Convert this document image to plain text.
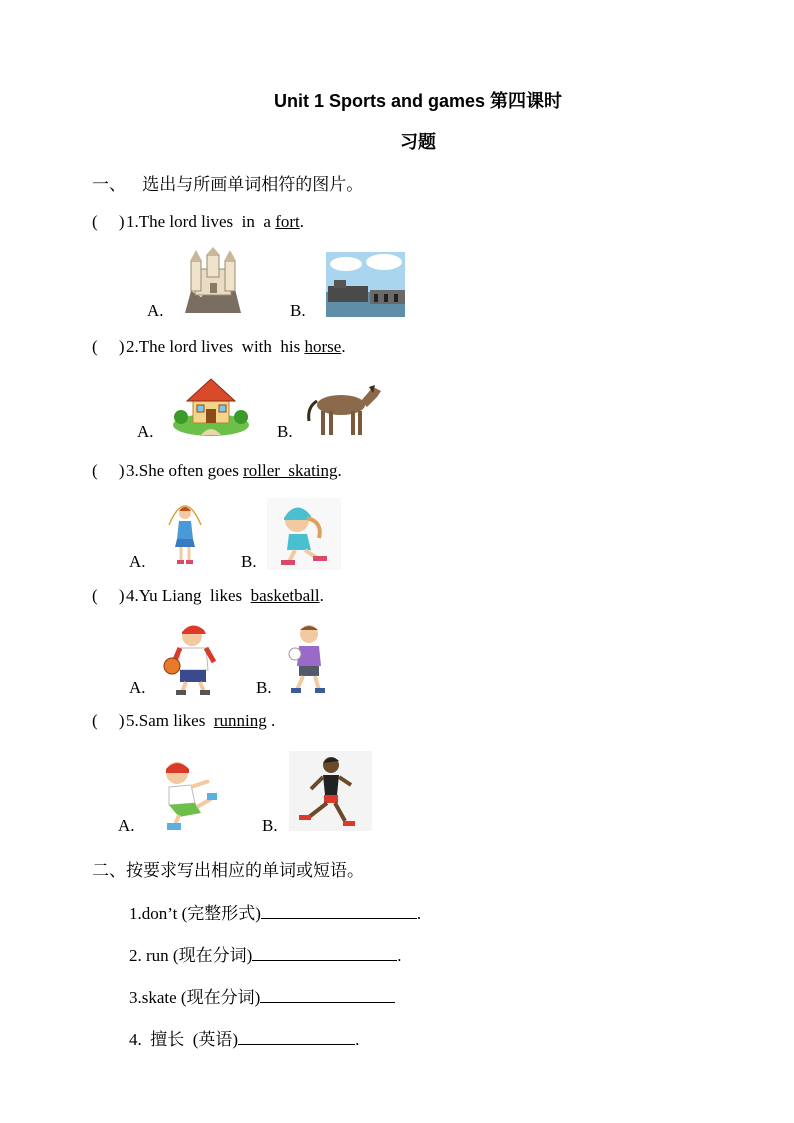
Unit 1 Sports and games 第四课时
习题
一、   选出与所画单词相符的图片。
(     )1.The lord lives  in  a fort.
A.	B.
(     )2.The lord lives  with  his horse.
A.	B.
(     )3.She often goes roller  skating.
A.	B.
(     )4.Yu Liang  likes  basketball.
A.	B.
(     )5.Sam likes  running .
A.	B.
二、按要求写出相应的单词或短语。
1.don’t (完整形式)	.
2. run (现在分词)	.
3.skate (现在分词)
4.  擅长  (英语)	.
